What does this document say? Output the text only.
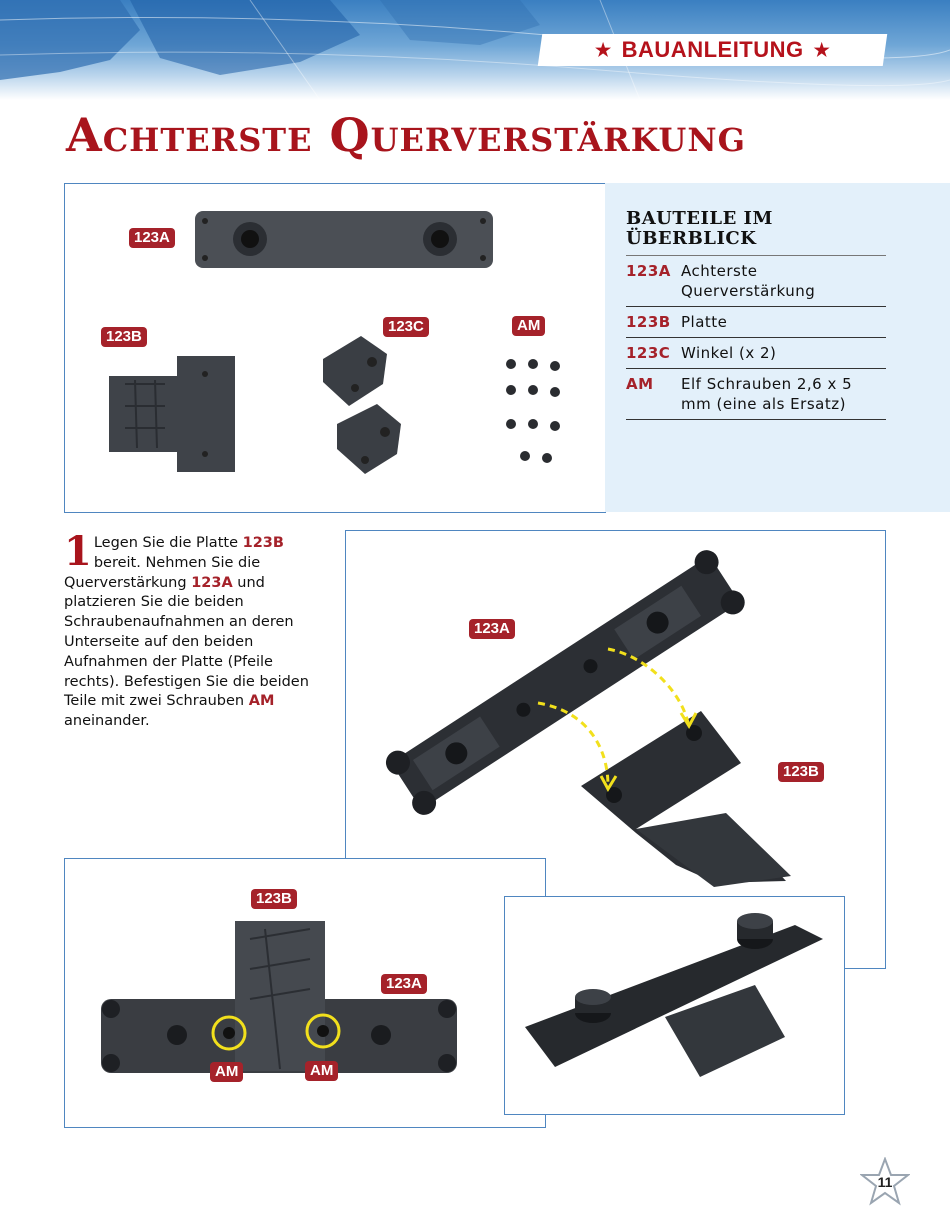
★ BAUANLEITUNG ★
Achterste Querverstärkung
123A
123B
123C	AM
BAUTEILE IM ÜBERBLICK
123A Achterste Querverstärkung
123B Platte
123C Winkel (x 2)
AM	Elf Schrauben 2,6 x 5 mm (eine als Ersatz)
1 Legen Sie die Platte 123B bereit. Nehmen Sie die Querverstärkung 123A und platzieren Sie die beiden Schraubenaufnahmen an deren Unterseite auf den beiden Aufnahmen der Platte (Pfeile rechts). Befestigen Sie die beiden Teile mit zwei Schrauben AM aneinander.
123A
123B
123B
123A
AM	AM
11
